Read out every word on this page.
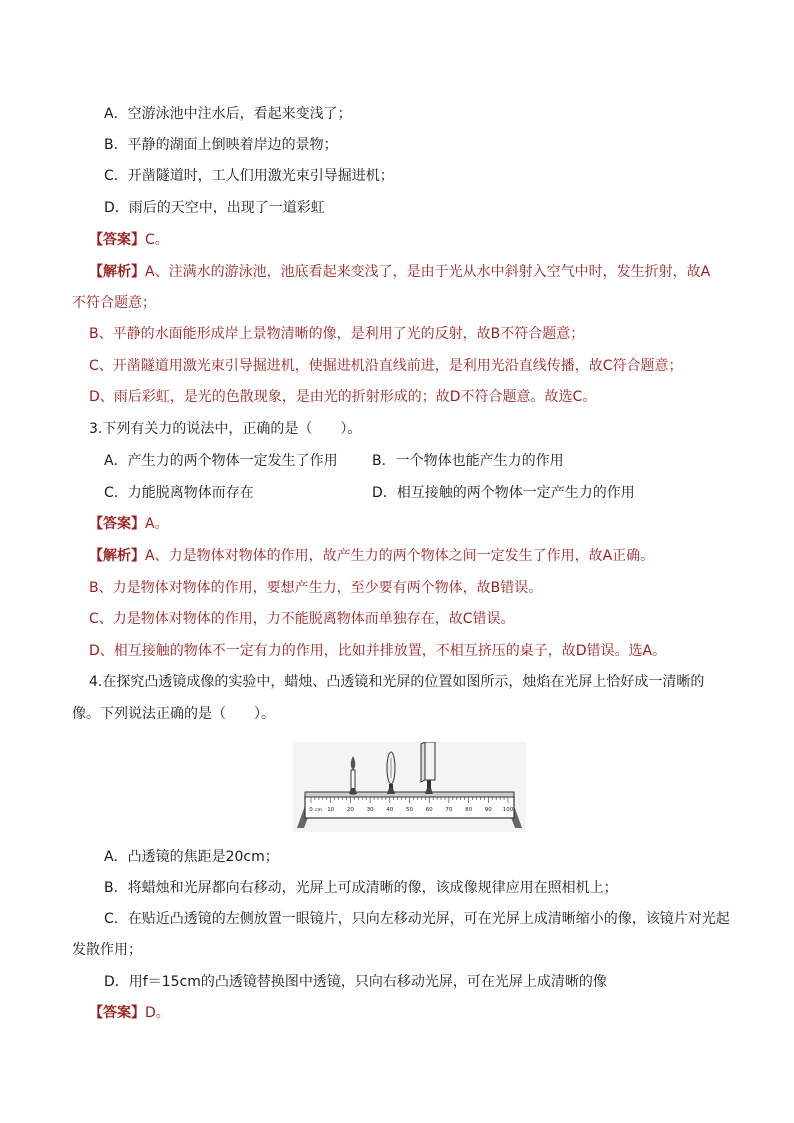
A．空游泳池中注水后，看起来变浅了；
B．平静的湖面上倒映着岸边的景物；
C．开凿隧道时，工人们用激光束引导掘进机；
D．雨后的天空中，出现了一道彩虹
【答案】C。
【解析】A、注满水的游泳池，池底看起来变浅了，是由于光从水中斜射入空气中时，发生折射，故A
不符合题意；
B、平静的水面能形成岸上景物清晰的像，是利用了光的反射，故B不符合题意；
C、开凿隧道用激光束引导掘进机，使掘进机沿直线前进，是利用光沿直线传播，故C符合题意；
D、雨后彩虹，是光的色散现象，是由光的折射形成的；故D不符合题意。故选C。
3.下列有关力的说法中，正确的是（　　）。
A．产生力的两个物体一定发生了作用 B．一个物体也能产生力的作用
C．力能脱离物体而存在	D．相互接触的两个物体一定产生力的作用
【答案】A。
【解析】A、力是物体对物体的作用，故产生力的两个物体之间一定发生了作用，故A正确。
B、力是物体对物体的作用，要想产生力，至少要有两个物体，故B错误。
C、力是物体对物体的作用，力不能脱离物体而单独存在，故C错误。
D、相互接触的物体不一定有力的作用，比如并排放置，不相互挤压的桌子，故D错误。选A。
4.在探究凸透镜成像的实验中，蜡烛、凸透镜和光屏的位置如图所示，烛焰在光屏上恰好成一清晰的
像。下列说法正确的是（　　）。
0	10 20 30 40 50 60 70 80 90 100
cm
A．凸透镜的焦距是20cm；
B．将蜡烛和光屏都向右移动，光屏上可成清晰的像，该成像规律应用在照相机上；
C．在贴近凸透镜的左侧放置一眼镜片，只向左移动光屏，可在光屏上成清晰缩小的像，该镜片对光起
发散作用；
D．用f＝15cm的凸透镜替换图中透镜，只向右移动光屏，可在光屏上成清晰的像
【答案】D。
